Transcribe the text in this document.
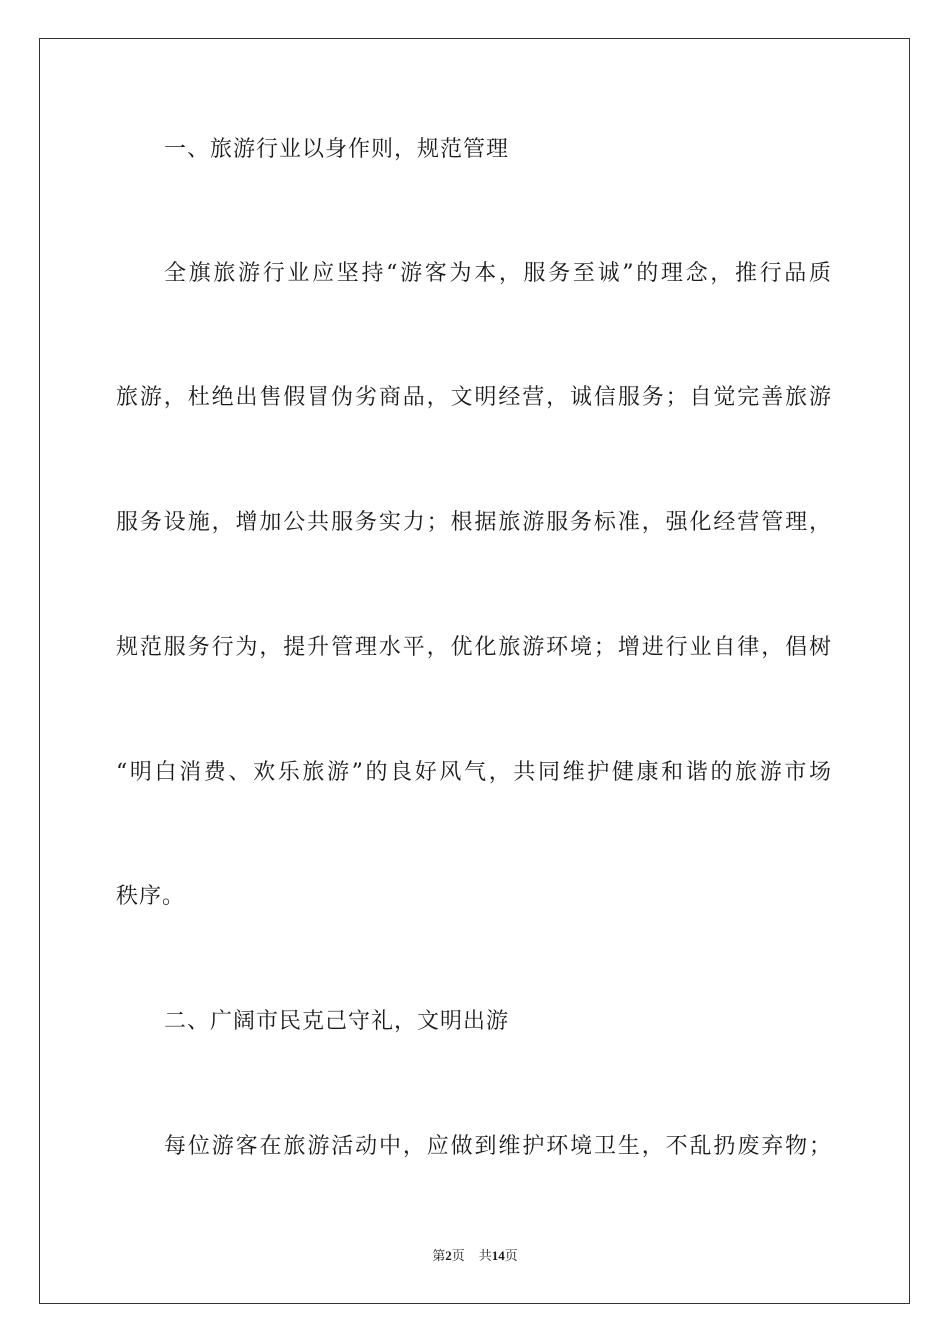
一、旅游行业以身作则，规范管理
全旗旅游行业应坚持“游客为本，服务至诚”的理念，推行品质
旅游，杜绝出售假冒伪劣商品，文明经营，诚信服务；自觉完善旅游
服务设施，增加公共服务实力；根据旅游服务标准，强化经营管理，
规范服务行为，提升管理水平，优化旅游环境；增进行业自律，倡树
“明白消费、欢乐旅游”的良好风气，共同维护健康和谐的旅游市场
秩序。
二、广阔市民克己守礼，文明出游
每位游客在旅游活动中，应做到维护环境卫生，不乱扔废弃物；
第2页 共14页
